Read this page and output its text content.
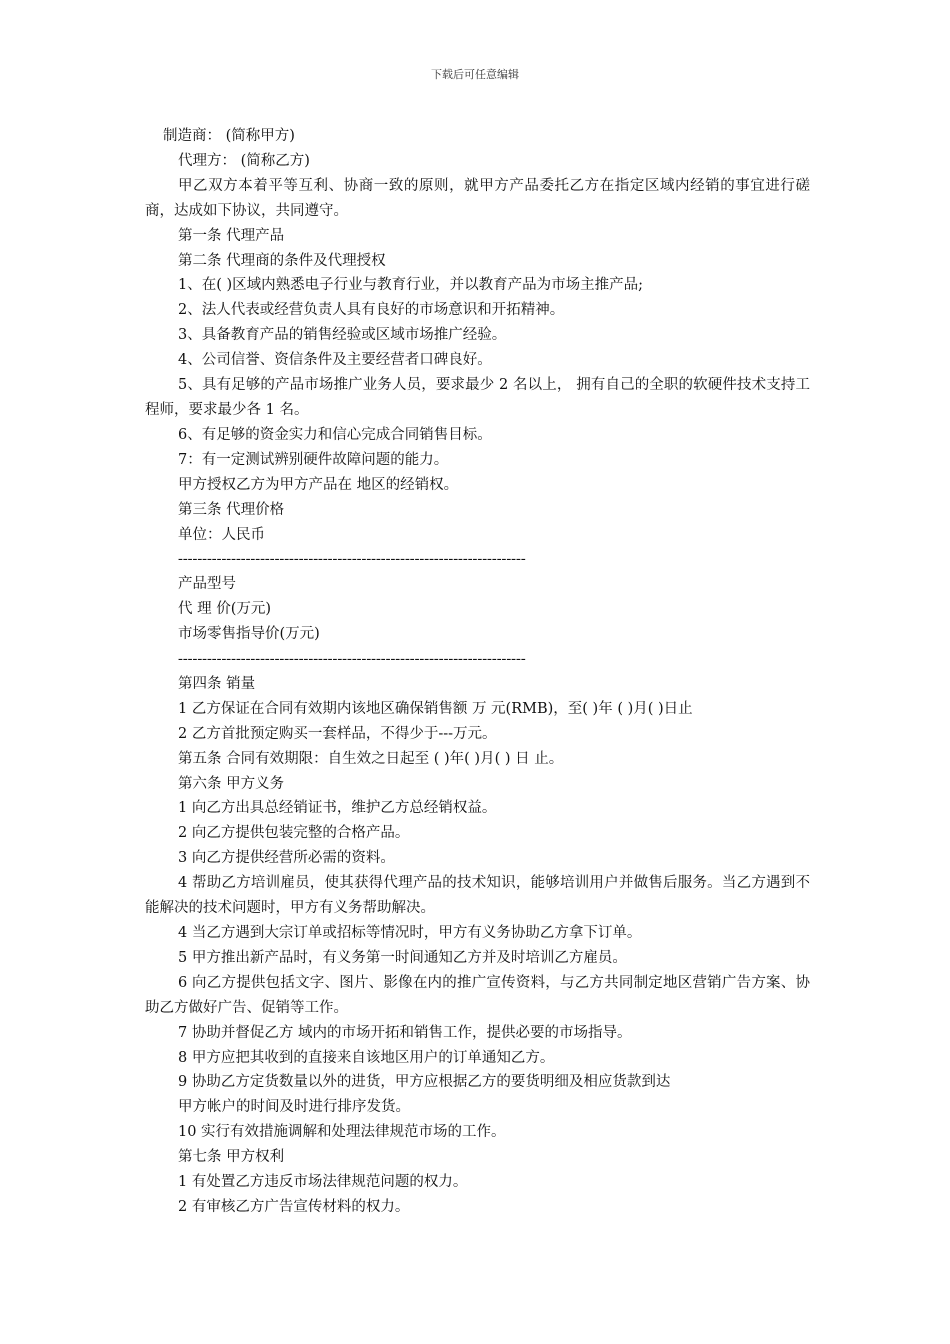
下载后可任意编辑

制造商： (简称甲方)

代理方： (简称乙方)

甲乙双方本着平等互利、协商一致的原则，就甲方产品委托乙方在指定区域内经销的事宜进行磋商，达成如下协议，共同遵守。

第一条 代理产品

第二条 代理商的条件及代理授权

1、在( )区域内熟悉电子行业与教育行业，并以教育产品为市场主推产品;

2、法人代表或经营负责人具有良好的市场意识和开拓精神。

3、具备教育产品的销售经验或区域市场推广经验。

4、公司信誉、资信条件及主要经营者口碑良好。

5、具有足够的产品市场推广业务人员，要求最少 2 名以上， 拥有自己的全职的软硬件技术支持工程师，要求最少各 1 名。

6、有足够的资金实力和信心完成合同销售目标。

7：有一定测试辨别硬件故障问题的能力。

甲方授权乙方为甲方产品在 地区的经销权。

第三条 代理价格

单位：人民币

------------------------------------------------------------------------

产品型号

代 理 价(万元)

市场零售指导价(万元)

------------------------------------------------------------------------

第四条 销量

1 乙方保证在合同有效期内该地区确保销售额 万 元(RMB)，至( )年 ( )月( )日止

2 乙方首批预定购买一套样品，不得少于---万元。

第五条 合同有效期限：自生效之日起至 ( )年( )月( ) 日 止。

第六条 甲方义务

1 向乙方出具总经销证书，维护乙方总经销权益。

2 向乙方提供包装完整的合格产品。

3 向乙方提供经营所必需的资料。

4 帮助乙方培训雇员，使其获得代理产品的技术知识，能够培训用户并做售后服务。当乙方遇到不能解决的技术问题时，甲方有义务帮助解决。

4 当乙方遇到大宗订单或招标等情况时，甲方有义务协助乙方拿下订单。

5 甲方推出新产品时，有义务第一时间通知乙方并及时培训乙方雇员。

6 向乙方提供包括文字、图片、影像在内的推广宣传资料，与乙方共同制定地区营销广告方案、协助乙方做好广告、促销等工作。

7 协助并督促乙方 域内的市场开拓和销售工作，提供必要的市场指导。

8 甲方应把其收到的直接来自该地区用户的订单通知乙方。

9 协助乙方定货数量以外的进货，甲方应根据乙方的要货明细及相应货款到达

甲方帐户的时间及时进行排序发货。

10 实行有效措施调解和处理法律规范市场的工作。

第七条 甲方权利

1 有处置乙方违反市场法律规范问题的权力。

2 有审核乙方广告宣传材料的权力。
